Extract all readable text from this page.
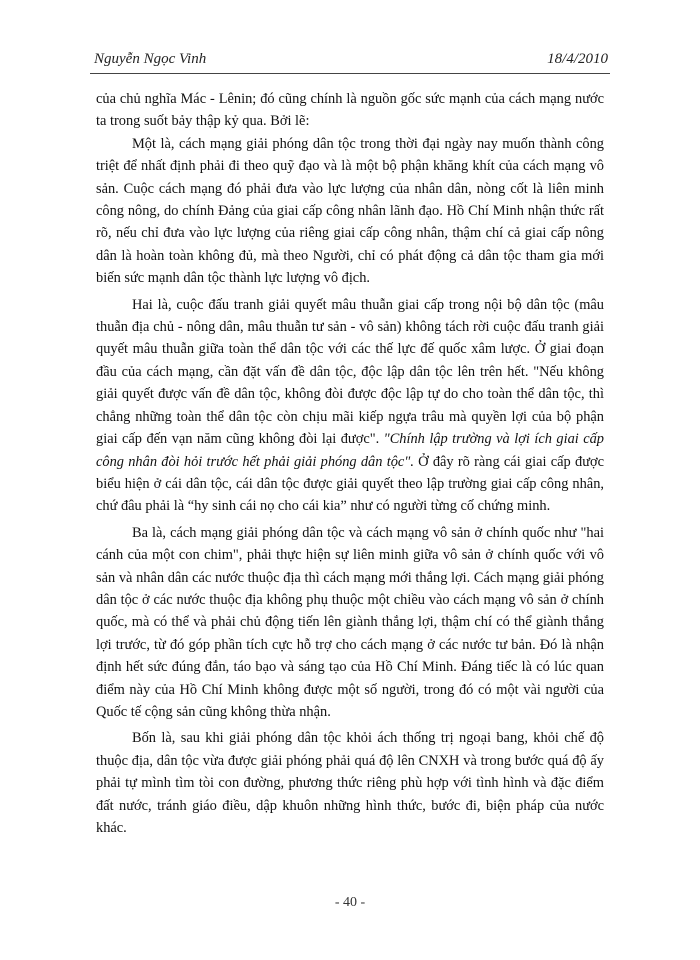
Nguyễn Ngọc Vinh	18/4/2010

của chủ nghĩa Mác - Lênin; đó cũng chính là nguồn gốc sức mạnh của cách mạng nước ta trong suốt bảy thập kỷ qua. Bởi lẽ:

Một là, cách mạng giải phóng dân tộc trong thời đại ngày nay muốn thành công triệt để nhất định phải đi theo quỹ đạo và là một bộ phận khăng khít của cách mạng vô sản. Cuộc cách mạng đó phải đưa vào lực lượng của nhân dân, nòng cốt là liên minh công nông, do chính Đảng của giai cấp công nhân lãnh đạo. Hồ Chí Minh nhận thức rất rõ, nếu chỉ đưa vào lực lượng của riêng giai cấp công nhân, thậm chí cả giai cấp nông dân là hoàn toàn không đủ, mà theo Người, chỉ có phát động cả dân tộc tham gia mới biến sức mạnh dân tộc thành lực lượng vô địch.

Hai là, cuộc đấu tranh giải quyết mâu thuẫn giai cấp trong nội bộ dân tộc (mâu thuẫn địa chủ - nông dân, mâu thuẫn tư sản - vô sản) không tách rời cuộc đấu tranh giải quyết mâu thuẫn giữa toàn thể dân tộc với các thế lực đế quốc xâm lược. Ở giai đoạn đầu của cách mạng, cần đặt vấn đề dân tộc, độc lập dân tộc lên trên hết. "Nếu không giải quyết được vấn đề dân tộc, không đòi được độc lập tự do cho toàn thể dân tộc, thì chẳng những toàn thể dân tộc còn chịu mãi kiếp ngựa trâu mà quyền lợi của bộ phận giai cấp đến vạn năm cũng không đòi lại được". "Chính lập trường và lợi ích giai cấp công nhân đòi hỏi trước hết phải giải phóng dân tộc". Ở đây rõ ràng cái giai cấp được biểu hiện ở cái dân tộc, cái dân tộc được giải quyết theo lập trường giai cấp công nhân, chứ đâu phải là “hy sinh cái nọ cho cái kia” như có người từng cố chứng minh.

Ba là, cách mạng giải phóng dân tộc và cách mạng vô sản ở chính quốc như "hai cánh của một con chim", phải thực hiện sự liên minh giữa vô sản ở chính quốc với vô sản và nhân dân các nước thuộc địa thì cách mạng mới thắng lợi. Cách mạng giải phóng dân tộc ở các nước thuộc địa không phụ thuộc một chiều vào cách mạng vô sản ở chính quốc, mà có thể và phải chủ động tiến lên giành thắng lợi, thậm chí có thể giành thắng lợi trước, từ đó góp phần tích cực hỗ trợ cho cách mạng ở các nước tư bản. Đó là nhận định hết sức đúng đắn, táo bạo và sáng tạo của Hồ Chí Minh. Đáng tiếc là có lúc quan điểm này của Hồ Chí Minh không được một số người, trong đó có một vài người của Quốc tế cộng sản cũng không thừa nhận.

Bốn là, sau khi giải phóng dân tộc khỏi ách thống trị ngoại bang, khỏi chế độ thuộc địa, dân tộc vừa được giải phóng phải quá độ lên CNXH và trong bước quá độ ấy phải tự mình tìm tòi con đường, phương thức riêng phù hợp với tình hình và đặc điểm đất nước, tránh giáo điều, dập khuôn những hình thức, bước đi, biện pháp của nước khác.

- 40 -
